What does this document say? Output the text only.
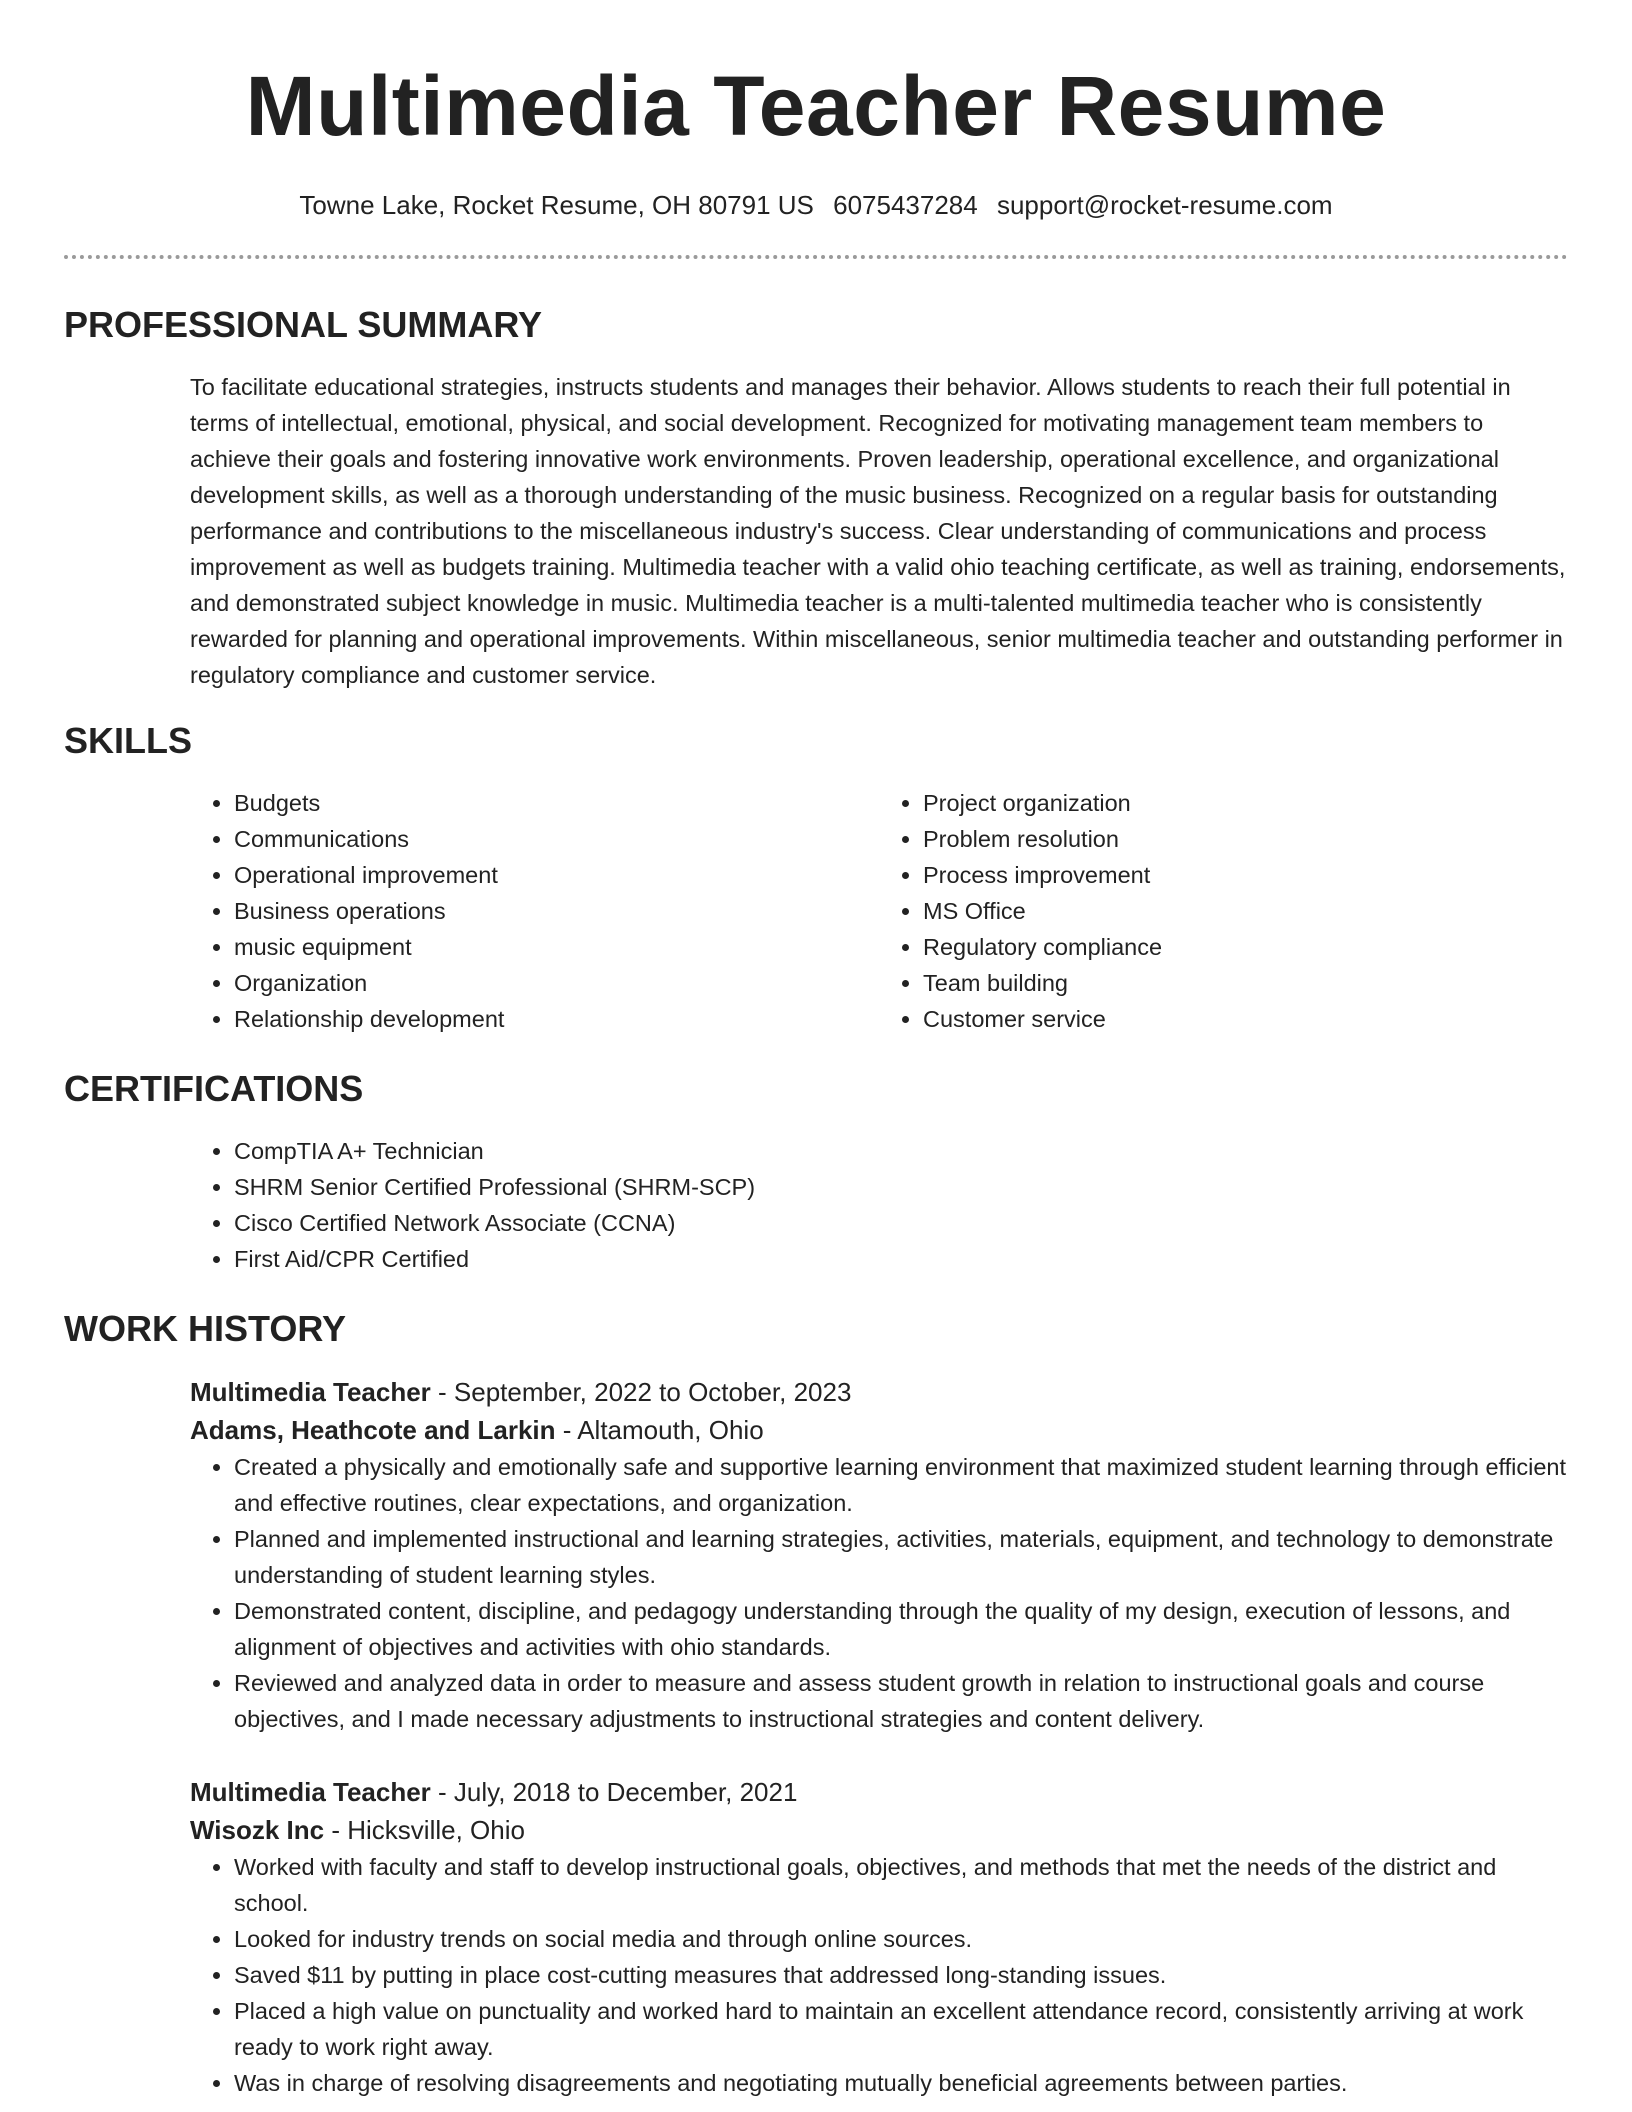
Multimedia Teacher Resume
Towne Lake, Rocket Resume, OH 80791 US 6075437284 support@rocket-resume.com
PROFESSIONAL SUMMARY

To facilitate educational strategies, instructs students and manages their behavior. Allows students to reach their full potential in terms of intellectual, emotional, physical, and social development. Recognized for motivating management team members to achieve their goals and fostering innovative work environments. Proven leadership, operational excellence, and organizational development skills, as well as a thorough understanding of the music business. Recognized on a regular basis for outstanding performance and contributions to the miscellaneous industry's success. Clear understanding of communications and process improvement as well as budgets training. Multimedia teacher with a valid ohio teaching certificate, as well as training, endorsements, and demonstrated subject knowledge in music. Multimedia teacher is a multi-talented multimedia teacher who is consistently rewarded for planning and operational improvements. Within miscellaneous, senior multimedia teacher and outstanding performer in regulatory compliance and customer service.

SKILLS
• Budgets
• Communications
• Operational improvement
• Business operations
• music equipment
• Organization
• Relationship development
• Project organization
• Problem resolution
• Process improvement
• MS Office
• Regulatory compliance
• Team building
• Customer service
CERTIFICATIONS
• CompTIA A+ Technician
• SHRM Senior Certified Professional (SHRM-SCP)
• Cisco Certified Network Associate (CCNA)
• First Aid/CPR Certified
WORK HISTORY
Multimedia Teacher - September, 2022 to October, 2023
Adams, Heathcote and Larkin - Altamouth, Ohio
• Created a physically and emotionally safe and supportive learning environment that maximized student learning through efficient and effective routines, clear expectations, and organization.
• Planned and implemented instructional and learning strategies, activities, materials, equipment, and technology to demonstrate understanding of student learning styles.
• Demonstrated content, discipline, and pedagogy understanding through the quality of my design, execution of lessons, and alignment of objectives and activities with ohio standards.
• Reviewed and analyzed data in order to measure and assess student growth in relation to instructional goals and course objectives, and I made necessary adjustments to instructional strategies and content delivery.
Multimedia Teacher - July, 2018 to December, 2021
Wisozk Inc - Hicksville, Ohio
• Worked with faculty and staff to develop instructional goals, objectives, and methods that met the needs of the district and school.
• Looked for industry trends on social media and through online sources.
• Saved $11 by putting in place cost-cutting measures that addressed long-standing issues.
• Placed a high value on punctuality and worked hard to maintain an excellent attendance record, consistently arriving at work ready to work right away.
• Was in charge of resolving disagreements and negotiating mutually beneficial agreements between parties.
